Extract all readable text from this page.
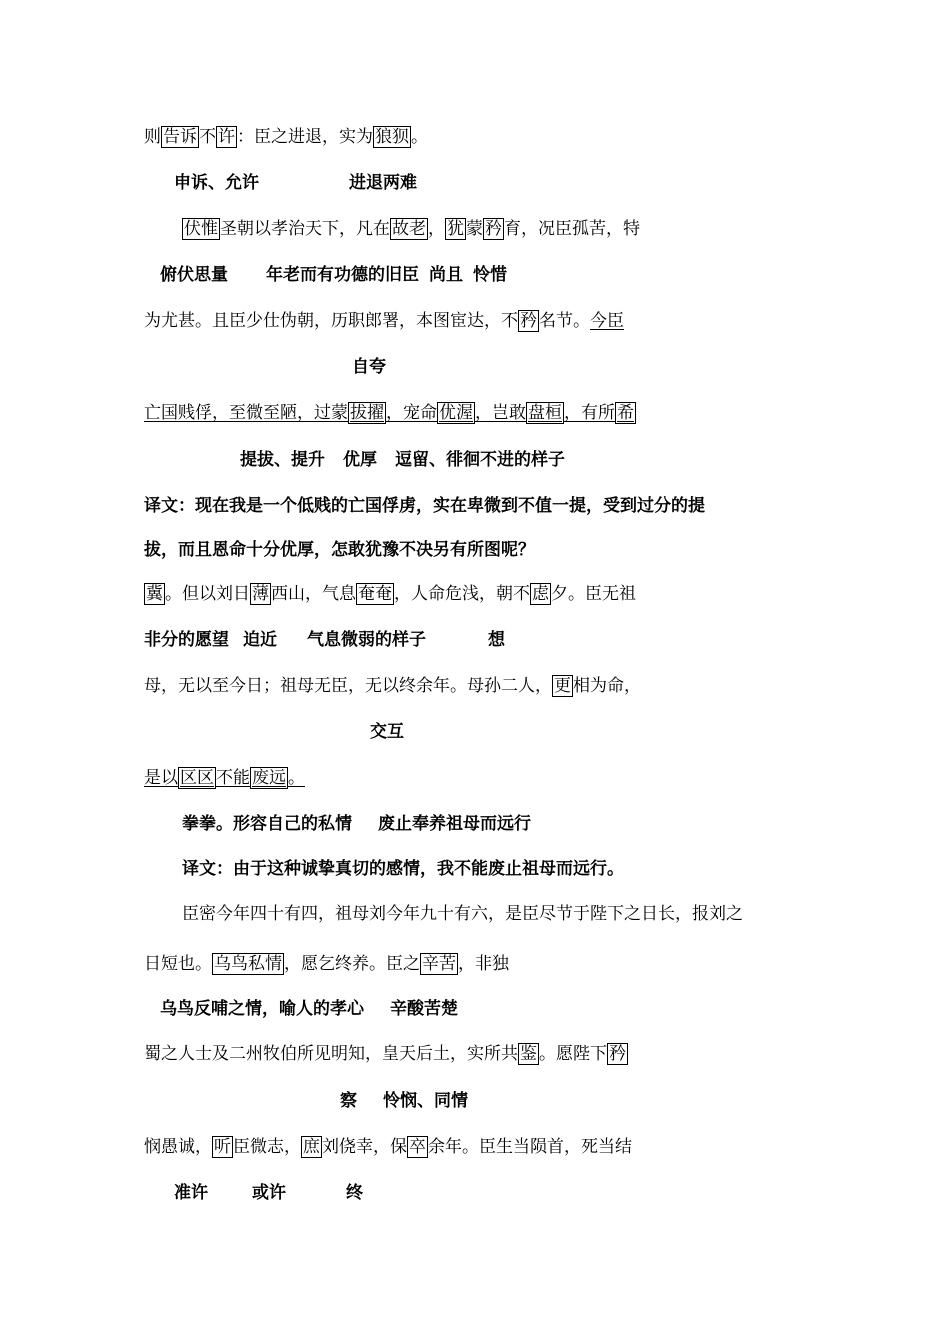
则 告诉 不 许 ：臣之进退，实为 狼狈 。
申诉、允许	进退两难
伏惟 圣朝以孝治天下，凡在 故老 ， 犹 蒙 矜 育，况臣孤苦，特
俯伏思量 年老而有功德的旧臣 尚且 怜惜
为尤甚。且臣少仕伪朝，历职郎署，本图宦达，不 矜 名节。今臣
自夸
亡国贱俘，至微至陋，过蒙 拔擢 ，宠命 优渥 ，岂敢 盘桓 ，有所 希
提拔、提升 优厚 逗留、徘徊不进的样子
译文：现在我是一个低贱的亡国俘虏，实在卑微到不值一提，受到过分的提
拔，而且恩命十分优厚，怎敢犹豫不决另有所图呢？
冀 。但以刘日 薄 西山，气息 奄奄 ，人命危浅，朝不 虑 夕。臣无祖
非分的愿望 迫近 气息微弱的样子	想
母，无以至今日；祖母无臣，无以终余年。母孙二人， 更 相为命，
交互
是以 区区 不能 废远 。
拳拳。形容自己的私情 废止奉养祖母而远行
译文：由于这种诚挚真切的感情，我不能废止祖母而远行。
臣密今年四十有四，祖母刘今年九十有六，是臣尽节于陛下之日长，报刘之
日短也。 乌鸟私情 ，愿乞终养。臣之 辛苦 ，非独
乌鸟反哺之情，喻人的孝心 辛酸苦楚
蜀之人士及二州牧伯所见明知，皇天后土，实所共 鉴 。愿陛下 矜
察 怜悯、同情
悯愚诚， 听 臣微志， 庶 刘侥幸，保 卒 余年。臣生当陨首，死当结
准许	或许	终
